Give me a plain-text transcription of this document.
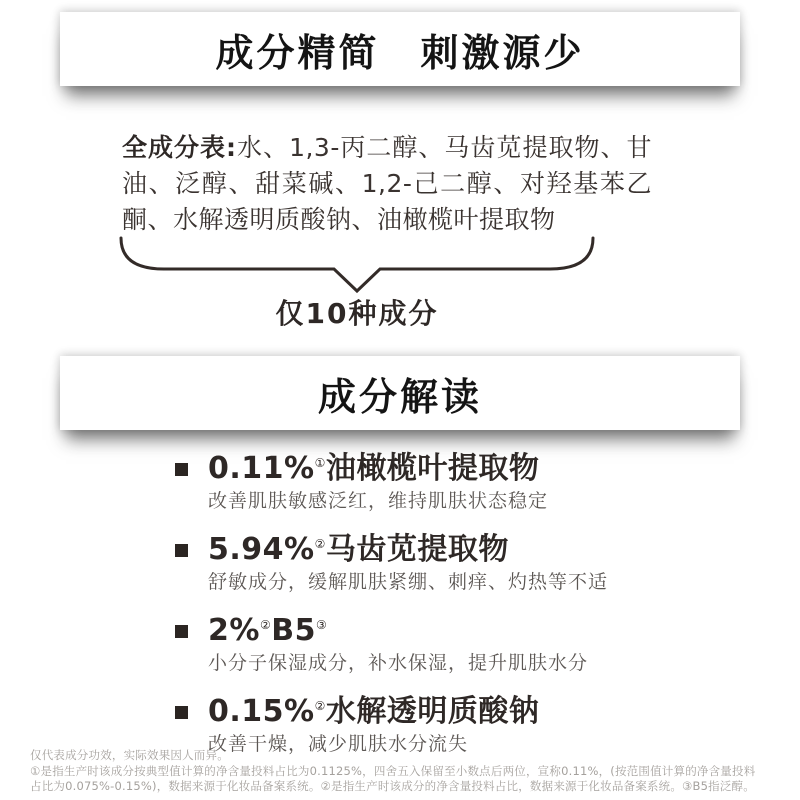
成分精简　刺激源少
全成分表:水、1,3-丙二醇、马齿苋提取物、甘油、泛醇、甜菜碱、1,2-己二醇、对羟基苯乙酮、水解透明质酸钠、油橄榄叶提取物
仅10种成分
成分解读
0.11%①油橄榄叶提取物
改善肌肤敏感泛红，维持肌肤状态稳定
5.94%②马齿苋提取物
舒敏成分，缓解肌肤紧绷、刺痒、灼热等不适
2%②B5③
小分子保湿成分，补水保湿，提升肌肤水分
0.15%②水解透明质酸钠
改善干燥，减少肌肤水分流失
仅代表成分功效，实际效果因人而异。
①是指生产时该成分按典型值计算的净含量投料占比为0.1125%，四舍五入保留至小数点后两位，宣称0.11%，(按范围值计算的净含量投料
占比为0.075%-0.15%)，数据来源于化妆品备案系统。②是指生产时该成分的净含量投料占比，数据来源于化妆品备案系统。③B5指泛醇。
